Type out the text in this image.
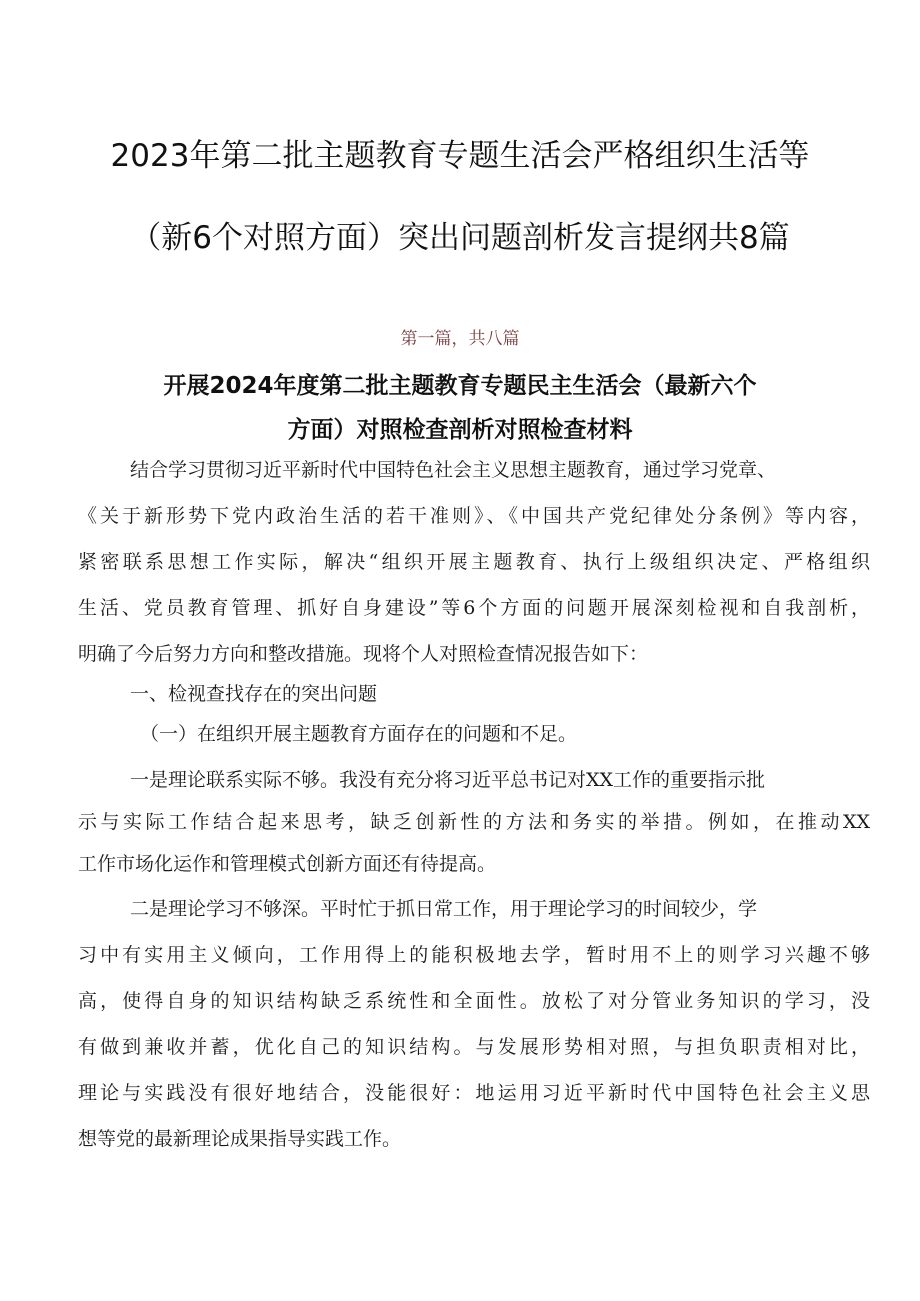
2023年第二批主题教育专题生活会严格组织生活等
（新6个对照方面）突出问题剖析发言提纲共8篇

第一篇，共八篇

开展2024年度第二批主题教育专题民主生活会（最新六个
方面）对照检查剖析对照检查材料

结合学习贯彻习近平新时代中国特色社会主义思想主题教育，通过学习党章、

《关于新形势下党内政治生活的若干准则》、《中国共产党纪律处分条例》等内容，

紧密联系思想工作实际，解决“组织开展主题教育、执行上级组织决定、严格组织

生活、党员教育管理、抓好自身建设”等6个方面的问题开展深刻检视和自我剖析，

明确了今后努力方向和整改措施。现将个人对照检查情况报告如下：

一、检视查找存在的突出问题

（一）在组织开展主题教育方面存在的问题和不足。

一是理论联系实际不够。我没有充分将习近平总书记对XX工作的重要指示批

示与实际工作结合起来思考，缺乏创新性的方法和务实的举措。例如，在推动XX

工作市场化运作和管理模式创新方面还有待提高。

二是理论学习不够深。平时忙于抓日常工作，用于理论学习的时间较少，学

习中有实用主义倾向，工作用得上的能积极地去学，暂时用不上的则学习兴趣不够

高，使得自身的知识结构缺乏系统性和全面性。放松了对分管业务知识的学习，没

有做到兼收并蓄，优化自己的知识结构。与发展形势相对照，与担负职责相对比，

理论与实践没有很好地结合，没能很好：地运用习近平新时代中国特色社会主义思

想等党的最新理论成果指导实践工作。
